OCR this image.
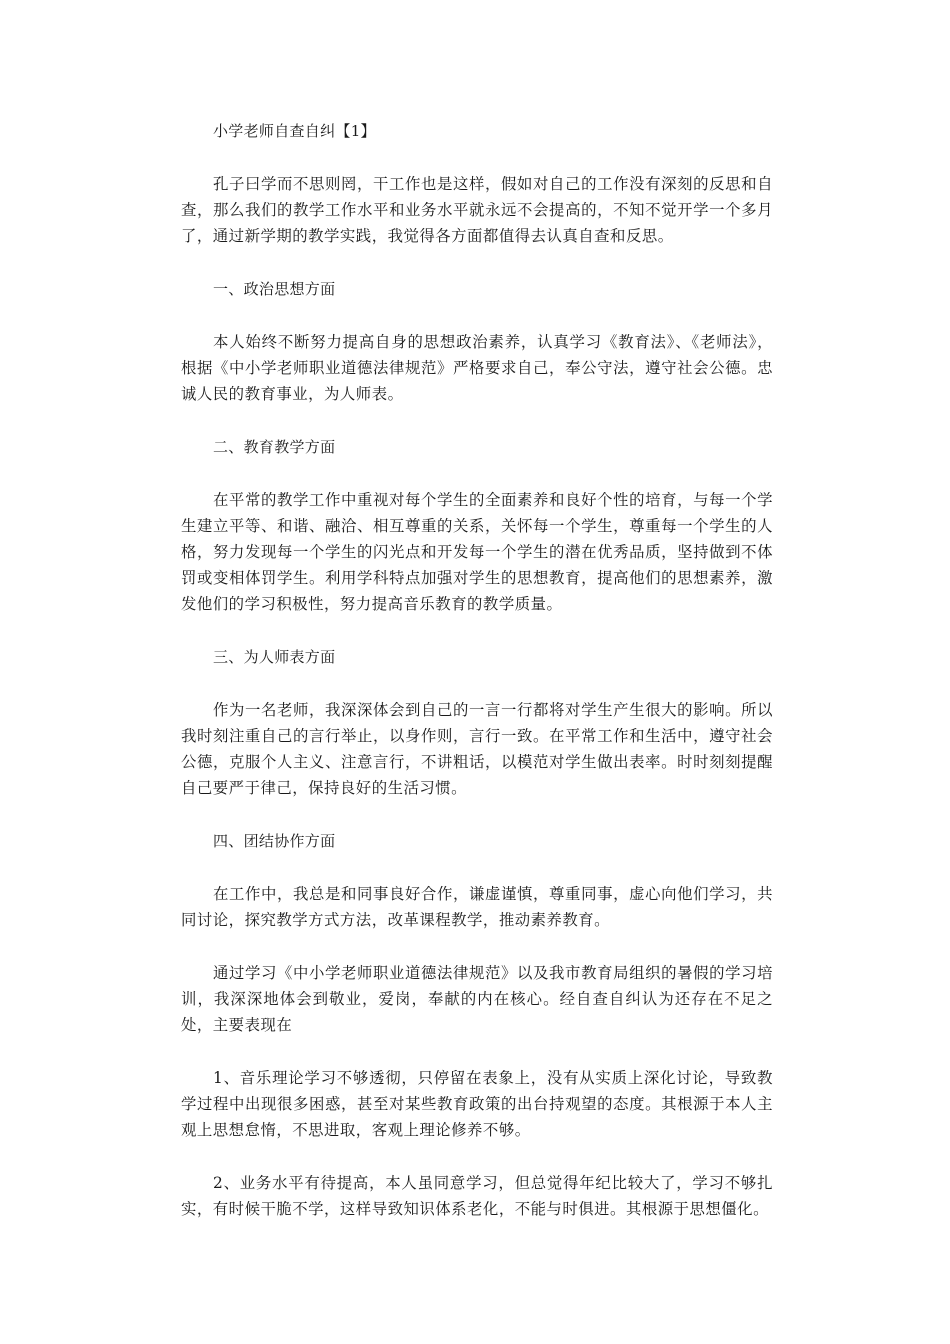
小学老师自查自纠【1】

孔子曰学而不思则罔，干工作也是这样，假如对自己的工作没有深刻的反思和自查，那么我们的教学工作水平和业务水平就永远不会提高的，不知不觉开学一个多月了，通过新学期的教学实践，我觉得各方面都值得去认真自查和反思。

一、政治思想方面

本人始终不断努力提高自身的思想政治素养，认真学习《教育法》、《老师法》，根据《中小学老师职业道德法律规范》严格要求自己，奉公守法，遵守社会公德。忠诚人民的教育事业，为人师表。

二、教育教学方面

在平常的教学工作中重视对每个学生的全面素养和良好个性的培育，与每一个学生建立平等、和谐、融洽、相互尊重的关系，关怀每一个学生，尊重每一个学生的人格，努力发现每一个学生的闪光点和开发每一个学生的潜在优秀品质，坚持做到不体罚或变相体罚学生。利用学科特点加强对学生的思想教育，提高他们的思想素养，激发他们的学习积极性，努力提高音乐教育的教学质量。

三、为人师表方面

作为一名老师，我深深体会到自己的一言一行都将对学生产生很大的影响。所以我时刻注重自己的言行举止，以身作则，言行一致。在平常工作和生活中，遵守社会公德，克服个人主义、注意言行，不讲粗话，以模范对学生做出表率。时时刻刻提醒自己要严于律己，保持良好的生活习惯。

四、团结协作方面

在工作中，我总是和同事良好合作，谦虚谨慎，尊重同事，虚心向他们学习，共同讨论，探究教学方式方法，改革课程教学，推动素养教育。

通过学习《中小学老师职业道德法律规范》以及我市教育局组织的暑假的学习培训，我深深地体会到敬业，爱岗，奉献的内在核心。经自查自纠认为还存在不足之处，主要表现在

1、音乐理论学习不够透彻，只停留在表象上，没有从实质上深化讨论，导致教学过程中出现很多困惑，甚至对某些教育政策的出台持观望的态度。其根源于本人主观上思想怠惰，不思进取，客观上理论修养不够。

2、业务水平有待提高，本人虽同意学习，但总觉得年纪比较大了，学习不够扎实，有时候干脆不学，这样导致知识体系老化，不能与时俱进。其根源于思想僵化。
